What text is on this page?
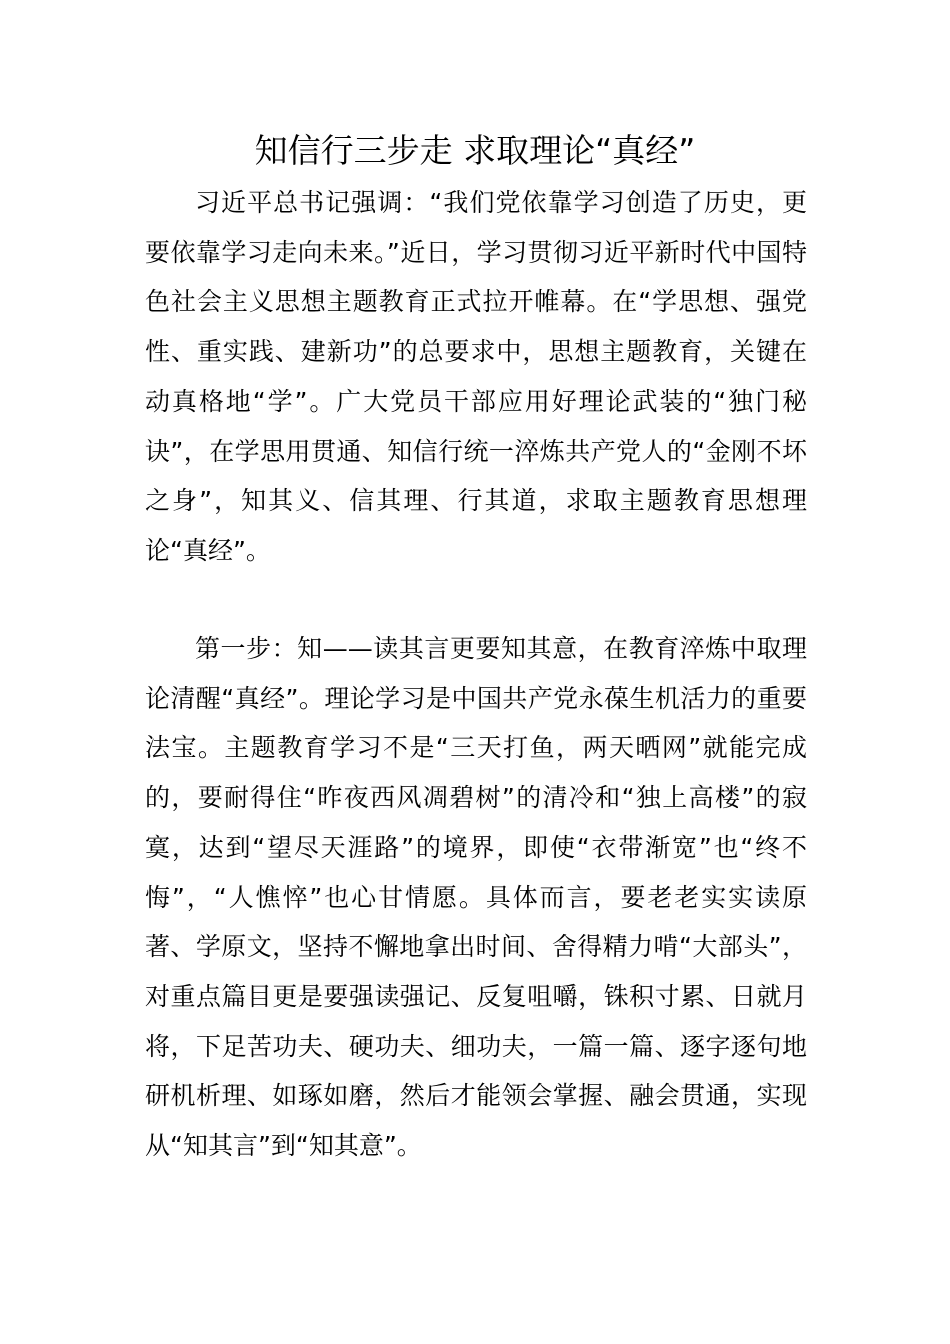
知信行三步走 求取理论“真经”

习近平总书记强调：“我们党依靠学习创造了历史，更要依靠学习走向未来。”近日，学习贯彻习近平新时代中国特色社会主义思想主题教育正式拉开帷幕。在“学思想、强党性、重实践、建新功”的总要求中，思想主题教育，关键在动真格地“学”。广大党员干部应用好理论武装的“独门秘诀”，在学思用贯通、知信行统一淬炼共产党人的“金刚不坏之身”，知其义、信其理、行其道，求取主题教育思想理论“真经”。

第一步：知——读其言更要知其意，在教育淬炼中取理论清醒“真经”。理论学习是中国共产党永葆生机活力的重要法宝。主题教育学习不是“三天打鱼，两天晒网”就能完成的，要耐得住“昨夜西风凋碧树”的清冷和“独上高楼”的寂寞，达到“望尽天涯路”的境界，即使“衣带渐宽”也“终不悔”，“人憔悴”也心甘情愿。具体而言，要老老实实读原著、学原文，坚持不懈地拿出时间、舍得精力啃“大部头”，对重点篇目更是要强读强记、反复咀嚼，铢积寸累、日就月将，下足苦功夫、硬功夫、细功夫，一篇一篇、逐字逐句地研机析理、如琢如磨，然后才能领会掌握、融会贯通，实现从“知其言”到“知其意”。
